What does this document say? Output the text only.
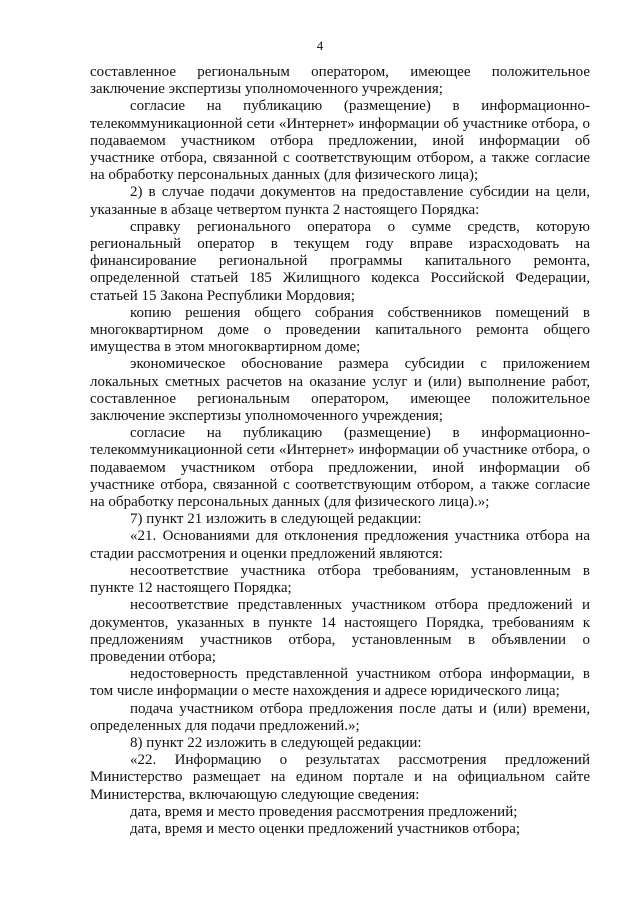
4

составленное региональным оператором, имеющее положительное заключение экспертизы уполномоченного учреждения;

согласие на публикацию (размещение) в информационно-телекоммуникационной сети «Интернет» информации об участнике отбора, о подаваемом участником отбора предложении, иной информации об участнике отбора, связанной с соответствующим отбором, а также согласие на обработку персональных данных (для физического лица);

2) в случае подачи документов на предоставление субсидии на цели, указанные в абзаце четвертом пункта 2 настоящего Порядка:

справку регионального оператора о сумме средств, которую региональный оператор в текущем году вправе израсходовать на финансирование региональной программы капитального ремонта, определенной статьей 185 Жилищного кодекса Российской Федерации, статьей 15 Закона Республики Мордовия;

копию решения общего собрания собственников помещений в многоквартирном доме о проведении капитального ремонта общего имущества в этом многоквартирном доме;

экономическое обоснование размера субсидии с приложением локальных сметных расчетов на оказание услуг и (или) выполнение работ, составленное региональным оператором, имеющее положительное заключение экспертизы уполномоченного учреждения;

согласие на публикацию (размещение) в информационно-телекоммуникационной сети «Интернет» информации об участнике отбора, о подаваемом участником отбора предложении, иной информации об участнике отбора, связанной с соответствующим отбором, а также согласие на обработку персональных данных (для физического лица).»;

7) пункт 21 изложить в следующей редакции:

«21. Основаниями для отклонения предложения участника отбора на стадии рассмотрения и оценки предложений являются:

несоответствие участника отбора требованиям, установленным в пункте 12 настоящего Порядка;

несоответствие представленных участником отбора предложений и документов, указанных в пункте 14 настоящего Порядка, требованиям к предложениям участников отбора, установленным в объявлении о проведении отбора;

недостоверность представленной участником отбора информации, в том числе информации о месте нахождения и адресе юридического лица;

подача участником отбора предложения после даты и (или) времени, определенных для подачи предложений.»;

8) пункт 22 изложить в следующей редакции:

«22. Информацию о результатах рассмотрения предложений Министерство размещает на едином портале и на официальном сайте Министерства, включающую следующие сведения:

дата, время и место проведения рассмотрения предложений;

дата, время и место оценки предложений участников отбора;
